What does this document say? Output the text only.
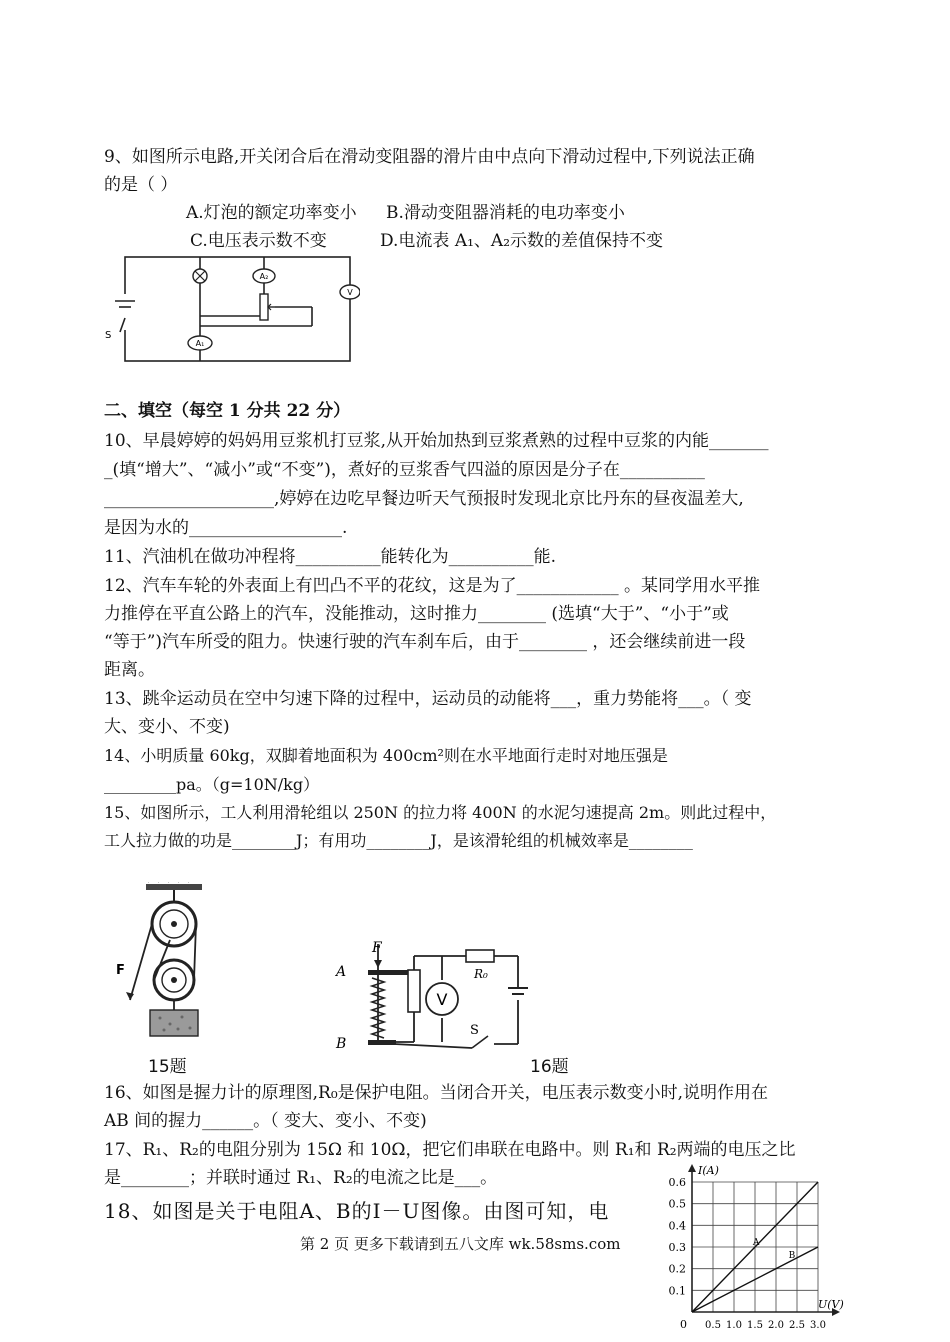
9、如图所示电路,开关闭合后在滑动变阻器的滑片由中点向下滑动过程中,下列说法正确
的是（ ）
A.灯泡的额定功率变小 B.滑动变阻器消耗的电功率变小
C.电压表示数不变	D.电流表 A₁、A₂示数的差值保持不变
S
A₂
A₁
V
二、填空（每空 1 分共 22 分）
10、早晨婷婷的妈妈用豆浆机打豆浆,从开始加热到豆浆煮熟的过程中豆浆的内能_______
_(填“增大”、“减小”或“不变”)，煮好的豆浆香气四溢的原因是分子在__________
____________________,婷婷在边吃早餐边听天气预报时发现北京比丹东的昼夜温差大,
是因为水的__________________.
11、汽油机在做功冲程将__________能转化为__________能.
12、汽车车轮的外表面上有凹凸不平的花纹，这是为了____________ 。某同学用水平推
力推停在平直公路上的汽车，没能推动，这时推力________ (选填“大于”、“小于”或
“等于”)汽车所受的阻力。快速行驶的汽车刹车后，由于________ ，还会继续前进一段
距离。
13、跳伞运动员在空中匀速下降的过程中，运动员的动能将___，重力势能将___。（ 变
大、变小、不变)
14、小明质量 60kg，双脚着地面积为 400cm²则在水平地面行走时对地压强是
_________pa。（g=10N/kg）
15、如图所示，工人利用滑轮组以 250N 的拉力将 400N 的水泥匀速提高 2m。则此过程中，
工人拉力做的功是________J；有用功________J，是该滑轮组的机械效率是________
F
V
F
A
B
R₀
S
15题	16题
16、如图是握力计的原理图,R₀是保护电阻。当闭合开关，电压表示数变小时,说明作用在
AB 间的握力______。（ 变大、变小、不变)
17、R₁、R₂的电阻分别为 15Ω 和 10Ω，把它们串联在电路中。则 R₁和 R₂两端的电压之比
是________；并联时通过 R₁、R₂的电流之比是___。
18、如图是关于电阻A、B的I－U图像。由图可知，电
第 2 页 更多下载请到五八文库 wk.58sms.com
I(A)
U(V)
0
0.6
0.5
0.4
0.3
0.2
0.1
0.5 1.0 1.5 2.0 2.5 3.0
A
B
